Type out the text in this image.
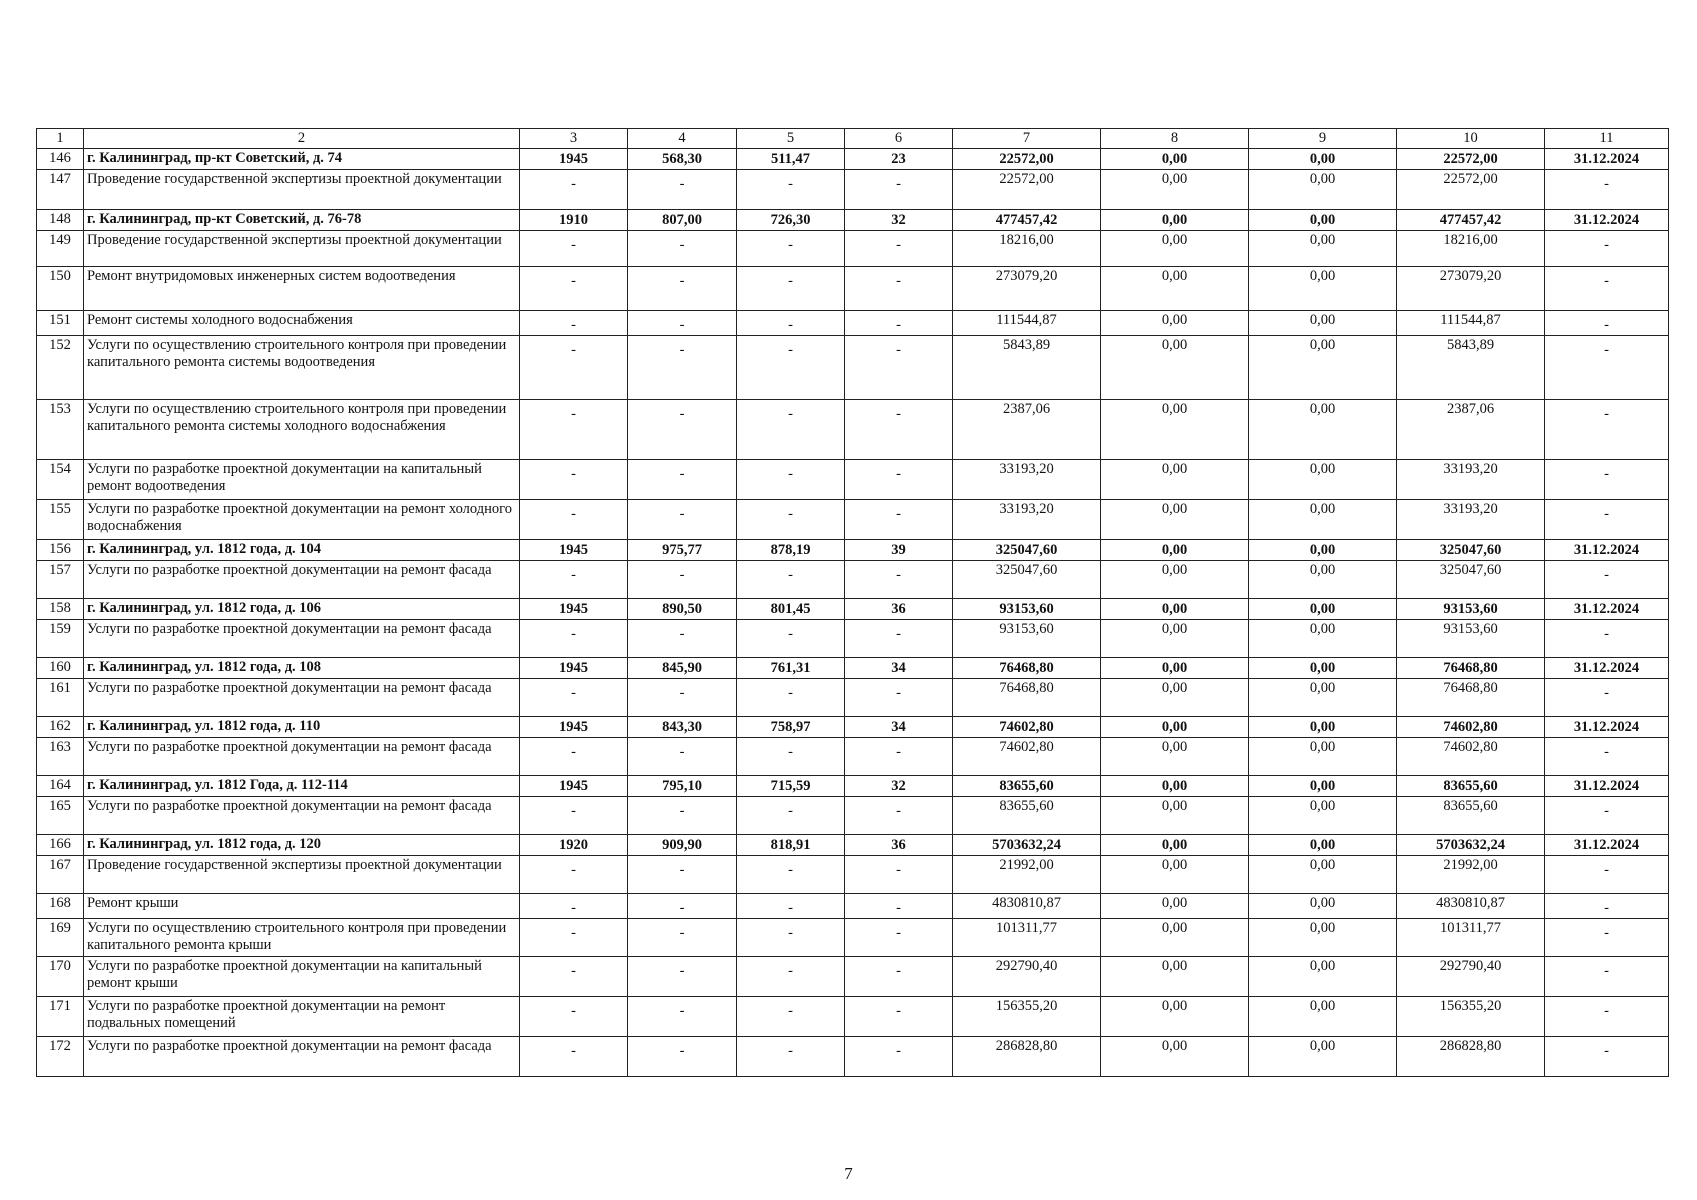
1	2	3	4	5	6	7	8	9	10	11
146	г. Калининград, пр-кт Советский, д. 74	1945	568,30	511,47	23	22572,00	0,00	0,00	22572,00	31.12.2024
147	Проведение государственной экспертизы проектной документации	-	-	-	-	22572,00	0,00	0,00	22572,00	-
148	г. Калининград, пр-кт Советский, д. 76-78	1910	807,00	726,30	32	477457,42	0,00	0,00	477457,42	31.12.2024
149	Проведение государственной экспертизы проектной документации	-	-	-	-	18216,00	0,00	0,00	18216,00	-
150	Ремонт внутридомовых инженерных систем водоотведения	-	-	-	-	273079,20	0,00	0,00	273079,20	-
151	Ремонт системы холодного водоснабжения	-	-	-	-	111544,87	0,00	0,00	111544,87	-
152	Услуги по осуществлению строительного контроля при проведении капитального ремонта системы водоотведения	-	-	-	-	5843,89	0,00	0,00	5843,89	-
153	Услуги по осуществлению строительного контроля при проведении капитального ремонта системы холодного водоснабжения	-	-	-	-	2387,06	0,00	0,00	2387,06	-
154	Услуги по разработке проектной документации на капитальный ремонт водоотведения	-	-	-	-	33193,20	0,00	0,00	33193,20	-
155	Услуги по разработке проектной документации на ремонт холодного водоснабжения	-	-	-	-	33193,20	0,00	0,00	33193,20	-
156	г. Калининград, ул. 1812 года, д. 104	1945	975,77	878,19	39	325047,60	0,00	0,00	325047,60	31.12.2024
157	Услуги по разработке проектной документации на ремонт фасада	-	-	-	-	325047,60	0,00	0,00	325047,60	-
158	г. Калининград, ул. 1812 года, д. 106	1945	890,50	801,45	36	93153,60	0,00	0,00	93153,60	31.12.2024
159	Услуги по разработке проектной документации на ремонт фасада	-	-	-	-	93153,60	0,00	0,00	93153,60	-
160	г. Калининград, ул. 1812 года, д. 108	1945	845,90	761,31	34	76468,80	0,00	0,00	76468,80	31.12.2024
161	Услуги по разработке проектной документации на ремонт фасада	-	-	-	-	76468,80	0,00	0,00	76468,80	-
162	г. Калининград, ул. 1812 года, д. 110	1945	843,30	758,97	34	74602,80	0,00	0,00	74602,80	31.12.2024
163	Услуги по разработке проектной документации на ремонт фасада	-	-	-	-	74602,80	0,00	0,00	74602,80	-
164	г. Калининград, ул. 1812 Года, д. 112-114	1945	795,10	715,59	32	83655,60	0,00	0,00	83655,60	31.12.2024
165	Услуги по разработке проектной документации на ремонт фасада	-	-	-	-	83655,60	0,00	0,00	83655,60	-
166	г. Калининград, ул. 1812 года, д. 120	1920	909,90	818,91	36	5703632,24	0,00	0,00	5703632,24	31.12.2024
167	Проведение государственной экспертизы проектной документации	-	-	-	-	21992,00	0,00	0,00	21992,00	-
168	Ремонт крыши	-	-	-	-	4830810,87	0,00	0,00	4830810,87	-
169	Услуги по осуществлению строительного контроля при проведении капитального ремонта крыши	-	-	-	-	101311,77	0,00	0,00	101311,77	-
170	Услуги по разработке проектной документации на капитальный ремонт крыши	-	-	-	-	292790,40	0,00	0,00	292790,40	-
171	Услуги по разработке проектной документации на ремонт подвальных помещений	-	-	-	-	156355,20	0,00	0,00	156355,20	-
172	Услуги по разработке проектной документации на ремонт фасада	-	-	-	-	286828,80	0,00	0,00	286828,80	-
7
